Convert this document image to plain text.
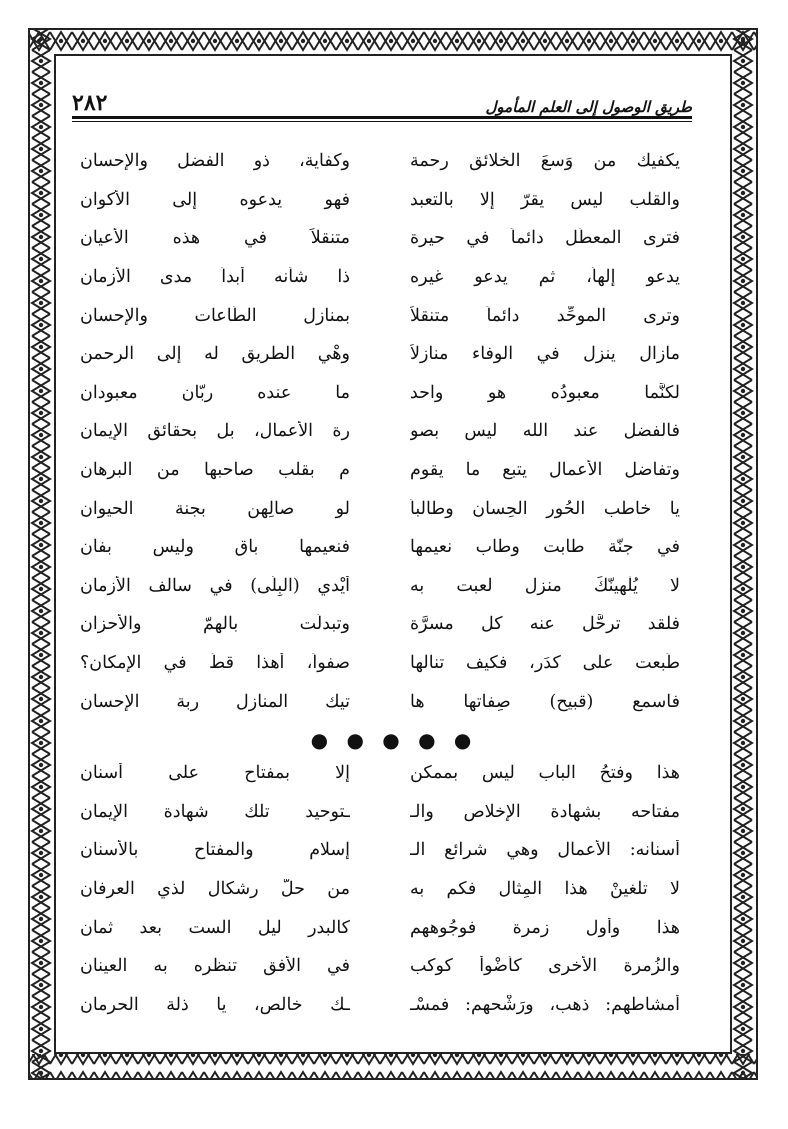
٢٨٢	طريق الوصول إلى العلم المأمول
يكفيك من وَسعَ الخلائق رحمة
وكفاية، ذو الفضل والإحسان
والقلب ليس يقرّ إلا بالتعبد
فهو يدعوه إلى الأكوان
فترى المعطّل دائماً في حيرة
متنقلاً في هذه الأعيان
يدعو إلهاً، ثم يدعو غيره
ذا شأنه أبداً مدى الأزمان
وترى الموحِّد دائماً متنقلاً
بمنازل الطّاعات والإحسان
مازال ينزل في الوفاء منازلاً
وهْي الطريق له إلى الرحمن
لكنَّما معبودُه هو واحد
ما عنده ربّان معبودان
فالفضل عند الله ليس بصو
رة الأعمال، بل بحقائق الإيمان
وتفاضل الأعمال يتبع ما يقوم
م بقلب صاحبها من البرهان
يا خاطب الحُور الحِسان وطالباً
لوِ صالِهن بجنة الحيوان
في جنّة طابت وطاب نعيمها
فنعيمها باق وليس بفان
لا يُلْهينّكَ منزل لعبت به
أَيْدي (البِلَى) في سالف الأزمان
فلقد ترحَّل عنه كل مسرَّة
وتبدلّت بالهمّ والأحزان
طُبعت على كدَر، فكيف تنالها
صفواً، أهذا قطُّ في الإمكان؟
فاسمع (قبيح) صِفاتها ها
تيك المنازل ربة الإحسان
● ● ● ● ●
هذا وفتحُ الباب ليس بممكن
إلا بمفتاح على أسنان
مفتاحه بشهادة الإخلاص والـ
ـتوحيد تلك شهادة الإيمان
أسنانه: الأعمال وهي شرائع الـ
إِسلام والمفتاح بالأسنان
لا تلغينْ هذا المِثال فكم به
من حلّ رشكال لذي العرفان
هذا وأول زمرة فوجُوههم
كالبدر ليل الست بعد ثمان
والزُمرة الأخرى كأضْوأ كوكب
في الأفق تنظره به العينان
أمشاطهم: ذهب، ورَشْحهم: فمسْـ
ـك خالص، يا ذلة الحرمان
